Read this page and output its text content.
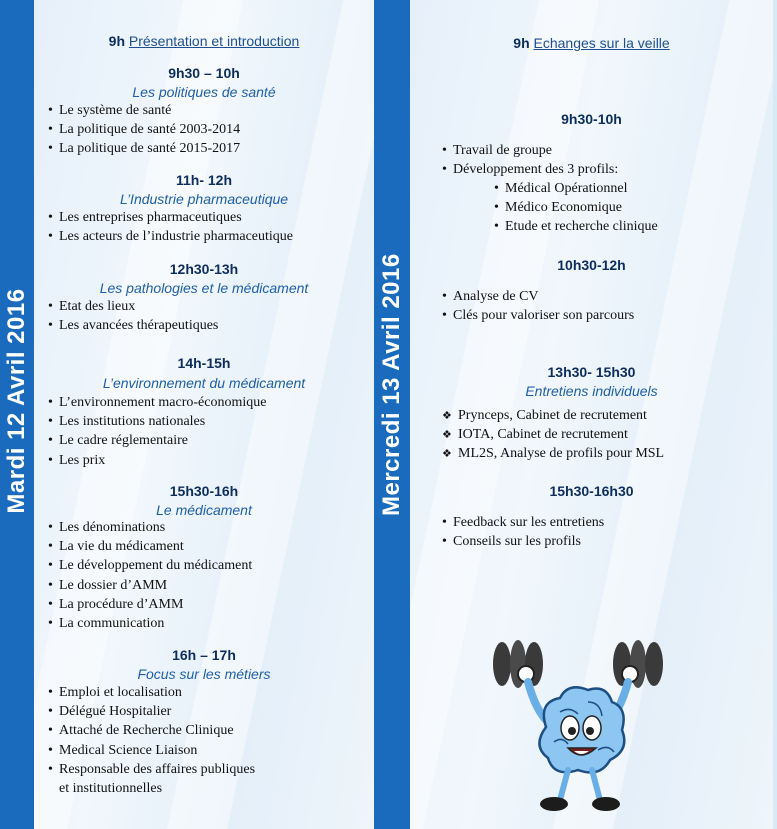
Mardi 12 Avril 2016
9h Présentation et introduction
9h30 – 10h
Les politiques de santé
• Le système de santé
• La politique de santé 2003-2014
• La politique de santé 2015-2017
11h- 12h
L’Industrie pharmaceutique
• Les entreprises pharmaceutiques
• Les acteurs de l’industrie pharmaceutique
12h30-13h
Les pathologies et le médicament
• Etat des lieux
• Les avancées thérapeutiques
14h-15h
L’environnement du médicament
• L’environnement macro-économique
• Les institutions nationales
• Le cadre réglementaire
• Les prix
15h30-16h
Le médicament
• Les dénominations
• La vie du médicament
• Le développement du médicament
• Le dossier d’AMM
• La procédure d’AMM
• La communication
16h – 17h
Focus sur les métiers
• Emploi et localisation
• Délégué Hospitalier
• Attaché de Recherche Clinique
• Medical Science Liaison
• Responsable des affaires publiques
et institutionnelles
Mercredi 13 Avril 2016
9h Echanges sur la veille
9h30-10h
• Travail de groupe
• Développement des 3 profils:
• Médical Opérationnel
• Médico Economique
• Etude et recherche clinique
10h30-12h
• Analyse de CV
• Clés pour valoriser son parcours
13h30- 15h30
Entretiens individuels
❖ Prynceps, Cabinet de recrutement
❖ IOTA, Cabinet de recrutement
❖ ML2S, Analyse de profils pour MSL
15h30-16h30
• Feedback sur les entretiens
• Conseils sur les profils
